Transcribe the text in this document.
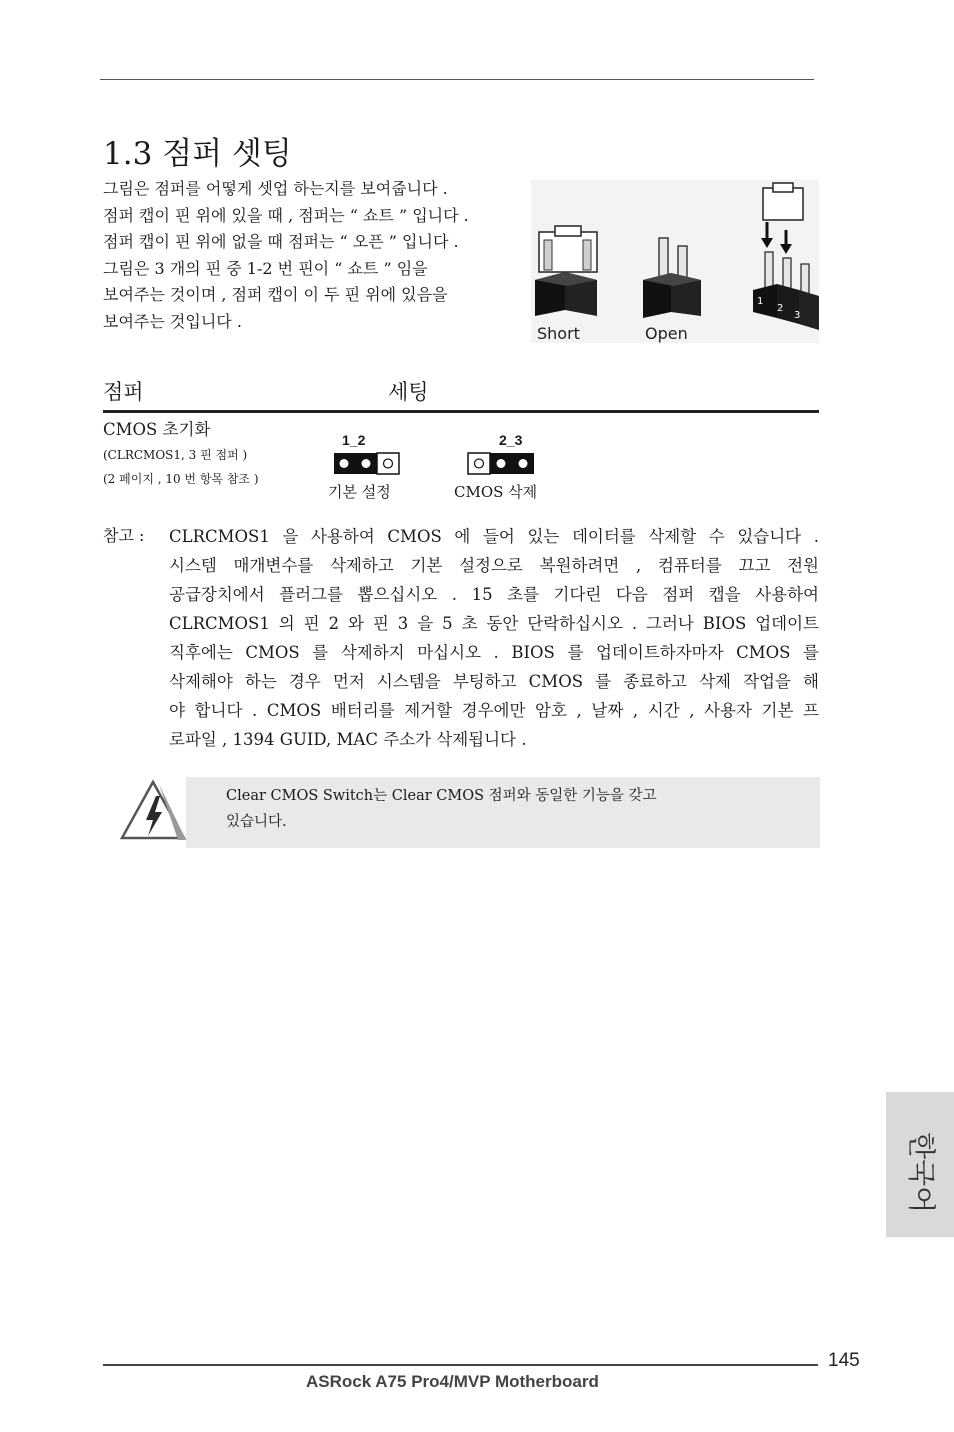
1.3 점퍼 셋팅
그림은 점퍼를 어떻게 셋업 하는지를 보여줍니다 .
점퍼 캡이 핀 위에 있을 때 , 점퍼는 “ 쇼트 ” 입니다 .
점퍼 캡이 핀 위에 없을 때 점퍼는 “ 오픈 ” 입니다 .
그림은 3 개의 핀 중 1-2 번 핀이 “ 쇼트 ” 임을
보여주는 것이며 , 점퍼 캡이 이 두 핀 위에 있음을
보여주는 것입니다 .
1
2
3
Short	Open
점퍼	세팅
CMOS 초기화
(CLRCMOS1, 3 핀 점퍼 )
(2 페이지 , 10 번 항목 참조 )
1_2
기본 설정
2_3
CMOS 삭제
참고 : CLRCMOS1 을 사용하여 CMOS 에 들어 있는 데이터를 삭제할 수 있습니다 .
시스템 매개변수를 삭제하고 기본 설정으로 복원하려면 , 컴퓨터를 끄고 전원
공급장치에서 플러그를 뽑으십시오 . 15 초를 기다린 다음 점퍼 캡을 사용하여
CLRCMOS1 의 핀 2 와 핀 3 을 5 초 동안 단락하십시오 . 그러나 BIOS 업데이트
직후에는 CMOS 를 삭제하지 마십시오 . BIOS 를 업데이트하자마자 CMOS 를
삭제해야 하는 경우 먼저 시스템을 부팅하고 CMOS 를 종료하고 삭제 작업을 해
야 합니다 . CMOS 배터리를 제거할 경우에만 암호 , 날짜 , 시간 , 사용자 기본 프
로파일 , 1394 GUID, MAC 주소가 삭제됩니다 .
Clear CMOS Switch는 Clear CMOS 점퍼와 동일한 기능을 갖고
있습니다.
한국어
145
ASRock A75 Pro4/MVP Motherboard
